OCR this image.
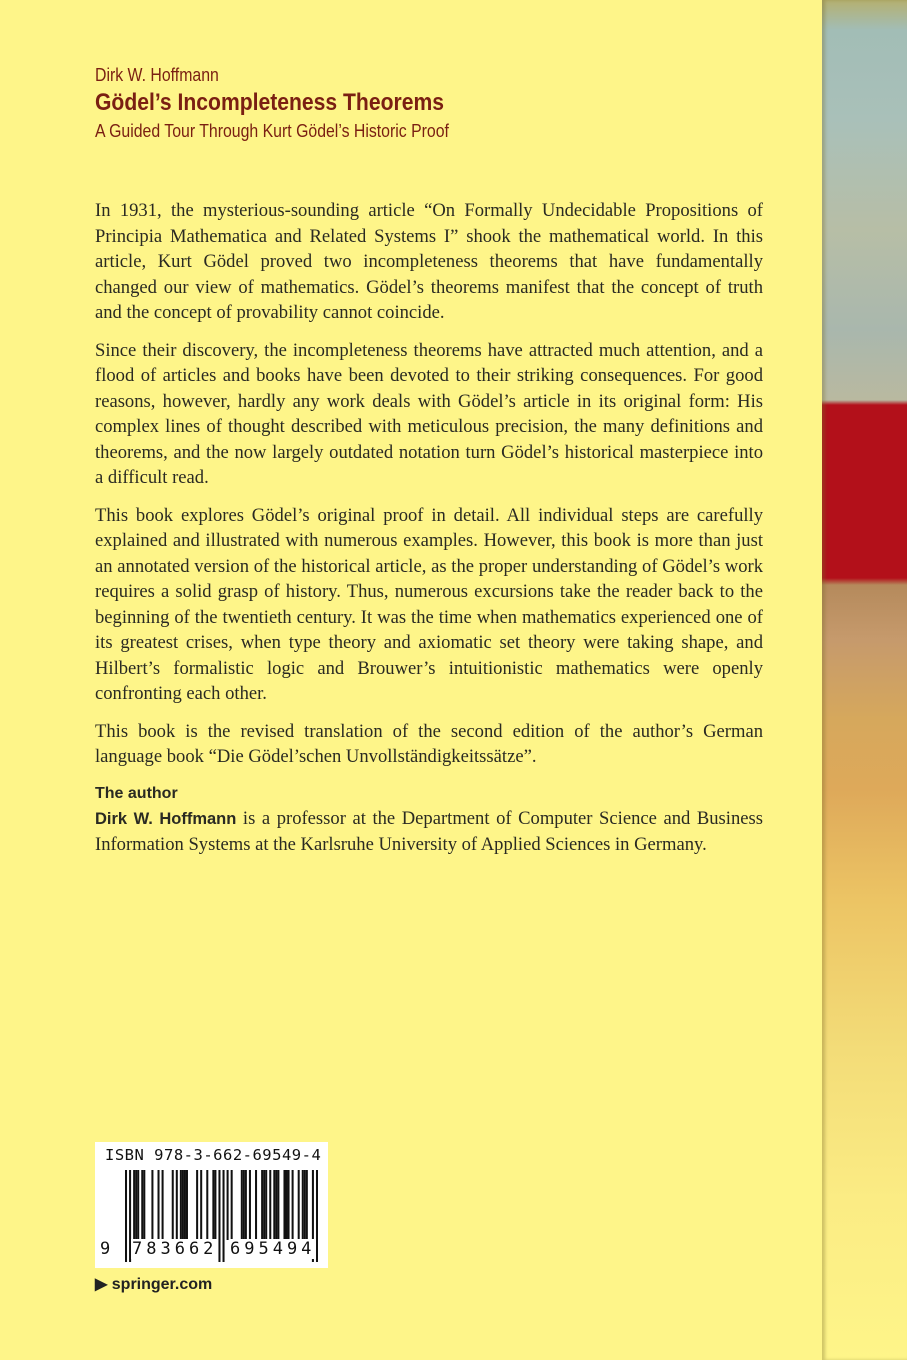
Dirk W. Hoffmann
Gödel’s Incompleteness Theorems
A Guided Tour Through Kurt Gödel’s Historic Proof

In 1931, the mysterious-sounding article “On Formally Undecidable Propositions of Principia Mathematica and Related Systems I” shook the mathematical world. In this article, Kurt Gödel proved two incompleteness theorems that have fundamentally changed our view of mathematics. Gödel’s theorems manifest that the concept of truth and the concept of provability cannot coincide.

Since their discovery, the incompleteness theorems have attracted much attention, and a flood of articles and books have been devoted to their striking consequences. For good reasons, however, hardly any work deals with Gödel’s article in its original form: His complex lines of thought described with meticulous precision, the many definitions and theorems, and the now largely outdated notation turn Gödel’s historical masterpiece into a difficult read.

This book explores Gödel’s original proof in detail. All individual steps are carefully explained and illustrated with numerous examples. However, this book is more than just an annotated version of the historical article, as the proper understanding of Gödel’s work requires a solid grasp of history. Thus, numerous excursions take the reader back to the beginning of the twentieth century. It was the time when mathematics experienced one of its greatest crises, when type theory and axiomatic set theory were taking shape, and Hilbert’s formalistic logic and Brouwer’s intuitionistic mathematics were openly confronting each other.

This book is the revised translation of the second edition of the author’s German language book “Die Gödel’schen Unvollständigkeitssätze”.

The author
Dirk W. Hoffmann is a professor at the Department of Computer Science and Business Information Systems at the Karlsruhe University of Applied Sciences in Germany.
ISBN 978-3-662-69549-4
9 783662 695494
▶ springer.com
